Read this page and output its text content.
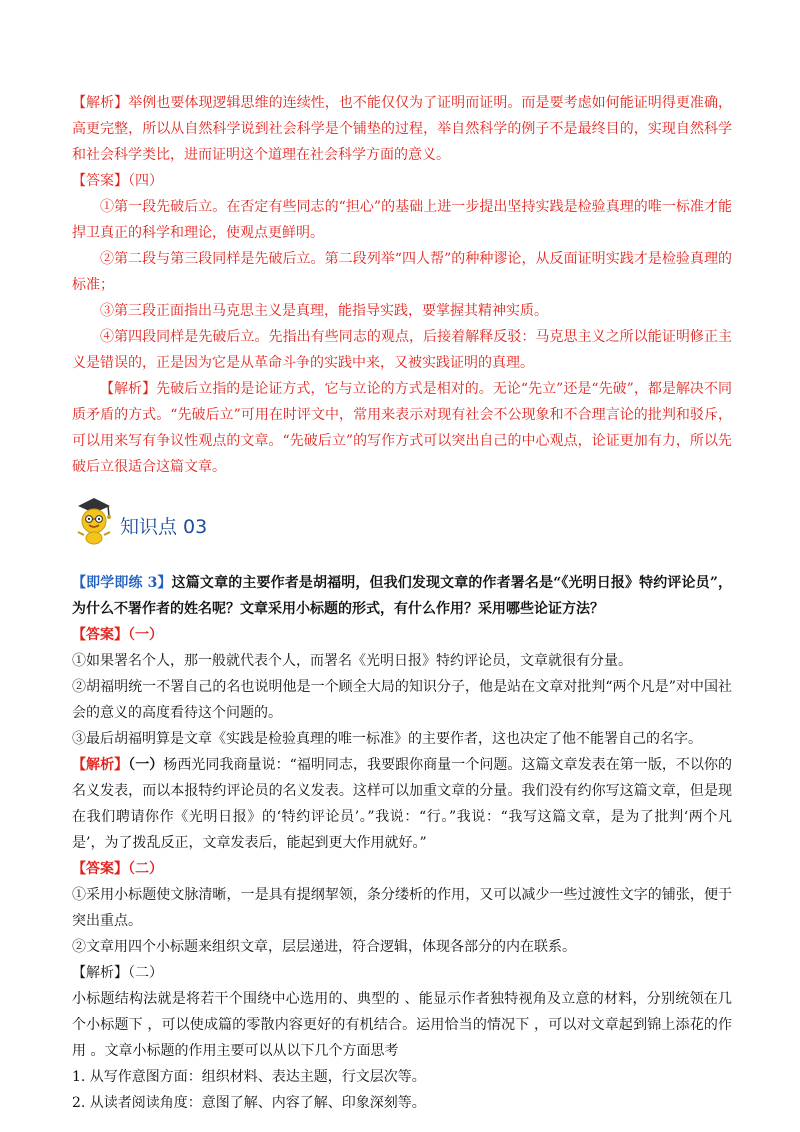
【解析】举例也要体现逻辑思维的连续性，也不能仅仅为了证明而证明。而是要考虑如何能证明得更准确，高更完整，所以从自然科学说到社会科学是个铺垫的过程，举自然科学的例子不是最终目的，实现自然科学和社会科学类比，进而证明这个道理在社会科学方面的意义。

【答案】（四）

①第一段先破后立。在否定有些同志的“担心”的基础上进一步提出坚持实践是检验真理的唯一标准才能捍卫真正的科学和理论，使观点更鲜明。

②第二段与第三段同样是先破后立。第二段列举“四人帮”的种种谬论，从反面证明实践才是检验真理的标准；

③第三段正面指出马克思主义是真理，能指导实践，要掌握其精神实质。

④第四段同样是先破后立。先指出有些同志的观点，后接着解释反驳：马克思主义之所以能证明修正主义是错误的，正是因为它是从革命斗争的实践中来，又被实践证明的真理。

【解析】先破后立指的是论证方式，它与立论的方式是相对的。无论“先立”还是“先破”，都是解决不同质矛盾的方式。“先破后立”可用在时评文中，常用来表示对现有社会不公现象和不合理言论的批判和驳斥，可以用来写有争议性观点的文章。“先破后立”的写作方式可以突出自己的中心观点，论证更加有力，所以先破后立很适合这篇文章。

知识点 03

【即学即练 3】这篇文章的主要作者是胡福明，但我们发现文章的作者署名是“《光明日报》特约评论员”，为什么不署作者的姓名呢？文章采用小标题的形式，有什么作用？采用哪些论证方法？

【答案】（一）

①如果署名个人，那一般就代表个人，而署名《光明日报》特约评论员，文章就很有分量。

②胡福明统一不署自己的名也说明他是一个顾全大局的知识分子，他是站在文章对批判“两个凡是”对中国社会的意义的高度看待这个问题的。

③最后胡福明算是文章《实践是检验真理的唯一标准》的主要作者，这也决定了他不能署自己的名字。

【解析】（一）杨西光同我商量说：“福明同志，我要跟你商量一个问题。这篇文章发表在第一版，不以你的名义发表，而以本报特约评论员的名义发表。这样可以加重文章的分量。我们没有约你写这篇文章，但是现在我们聘请你作《光明日报》的‘特约评论员’。”我说：“行。”我说：“我写这篇文章，是为了批判‘两个凡是’，为了拨乱反正，文章发表后，能起到更大作用就好。”

【答案】（二）

①采用小标题使文脉清晰，一是具有提纲挈领，条分缕析的作用，又可以减少一些过渡性文字的铺张，便于突出重点。

②文章用四个小标题来组织文章，层层递进，符合逻辑，体现各部分的内在联系。

【解析】（二）

小标题结构法就是将若干个围绕中心选用的、典型的 、能显示作者独特视角及立意的材料，分别统领在几个小标题下 ，可以使成篇的零散内容更好的有机结合。运用恰当的情况下 ，可以对文章起到锦上添花的作用 。文章小标题的作用主要可以从以下几个方面思考

1. 从写作意图方面：组织材料、表达主题，行文层次等。

2. 从读者阅读角度：意图了解、内容了解、印象深刻等。
